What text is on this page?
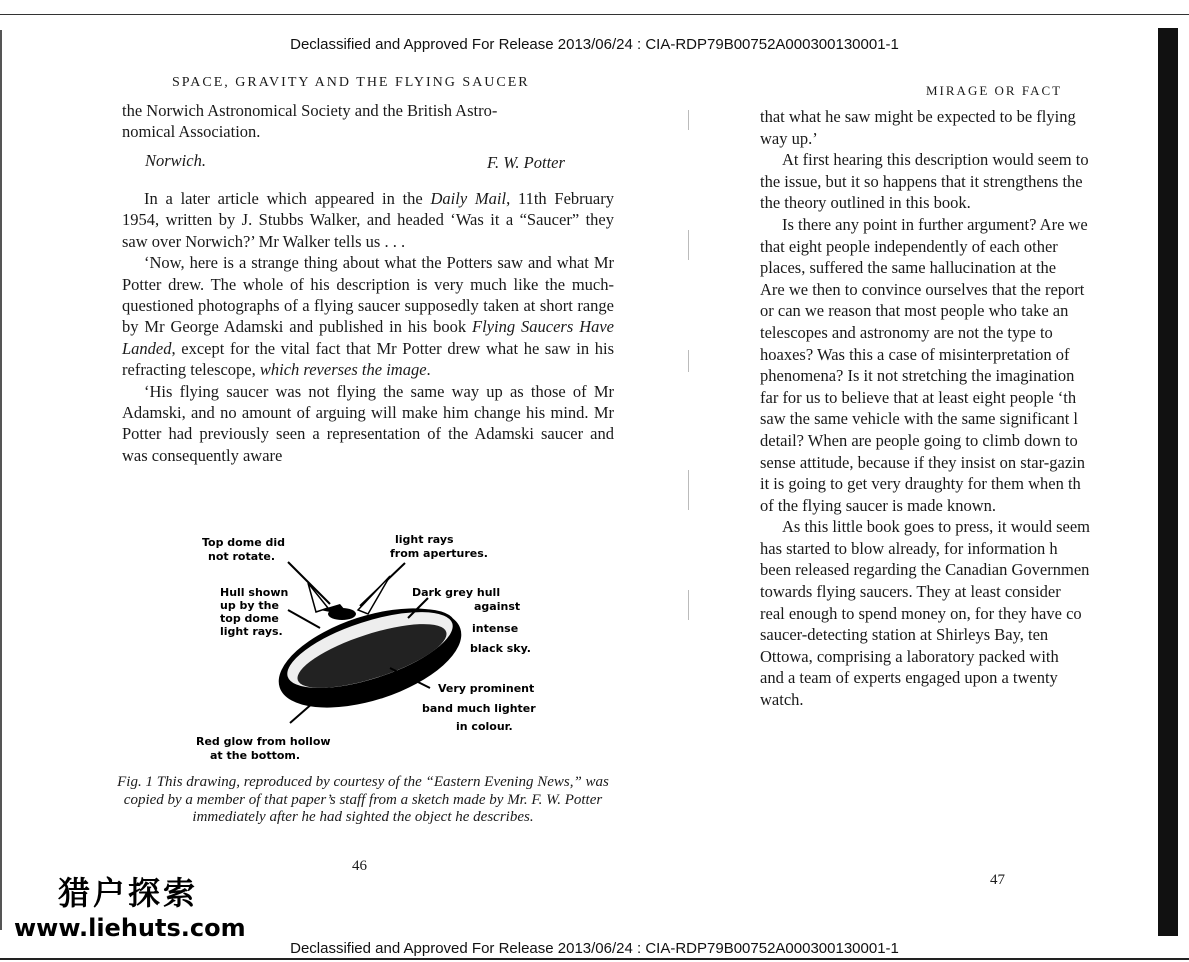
Declassified and Approved For Release 2013/06/24 : CIA-RDP79B00752A000300130001-1
SPACE, GRAVITY AND THE FLYING SAUCER

the Norwich Astronomical Society and the British Astro-

nomical Association.

Norwich.	F. W. Potter

In a later article which appeared in the Daily Mail, 11th February 1954, written by J. Stubbs Walker, and headed ‘Was it a “Saucer” they saw over Norwich?’ Mr Walker tells us . . .

‘Now, here is a strange thing about what the Potters saw and what Mr Potter drew. The whole of his description is very much like the much-questioned photographs of a flying saucer supposedly taken at short range by Mr George Adamski and published in his book Flying Saucers Have Landed, except for the vital fact that Mr Potter drew what he saw in his refracting telescope, which reverses the image.

‘His flying saucer was not flying the same way up as those of Mr Adamski, and no amount of arguing will make him change his mind. Mr Potter had previously seen a representation of the Adamski saucer and was consequently aware

Top dome did
not rotate.
light rays
from apertures.
Hull shown
up by the
top dome
light rays.
Dark grey hull
against
intense
black sky.
Very prominent
band much lighter
in colour.
Red glow from hollow
at the bottom.
Fig. 1 This drawing, reproduced by courtesy of the “Eastern Evening News,” was copied by a member of that paper’s staff from a sketch made by Mr. F. W. Potter immediately after he had sighted the object he describes.
46
MIRAGE OR FACT

that what he saw might be expected to be flying

way up.’

At first hearing this description would seem to

the issue, but it so happens that it strengthens the

the theory outlined in this book.

Is there any point in further argument? Are we

that eight people independently of each other

places, suffered the same hallucination at the

Are we then to convince ourselves that the report

or can we reason that most people who take an

telescopes and astronomy are not the type to

hoaxes? Was this a case of misinterpretation of

phenomena? Is it not stretching the imagination

far for us to believe that at least eight people ‘th

saw the same vehicle with the same significant l

detail? When are people going to climb down to

sense attitude, because if they insist on star-gazin

it is going to get very draughty for them when th

of the flying saucer is made known.

As this little book goes to press, it would seem

has started to blow already, for information h

been released regarding the Canadian Governmen

towards flying saucers. They at least consider

real enough to spend money on, for they have co

saucer-detecting station at Shirleys Bay, ten

Ottowa, comprising a laboratory packed with

and a team of experts engaged upon a twenty

watch.

47
猎户探索
www.liehuts.com
Declassified and Approved For Release 2013/06/24 : CIA-RDP79B00752A000300130001-1
